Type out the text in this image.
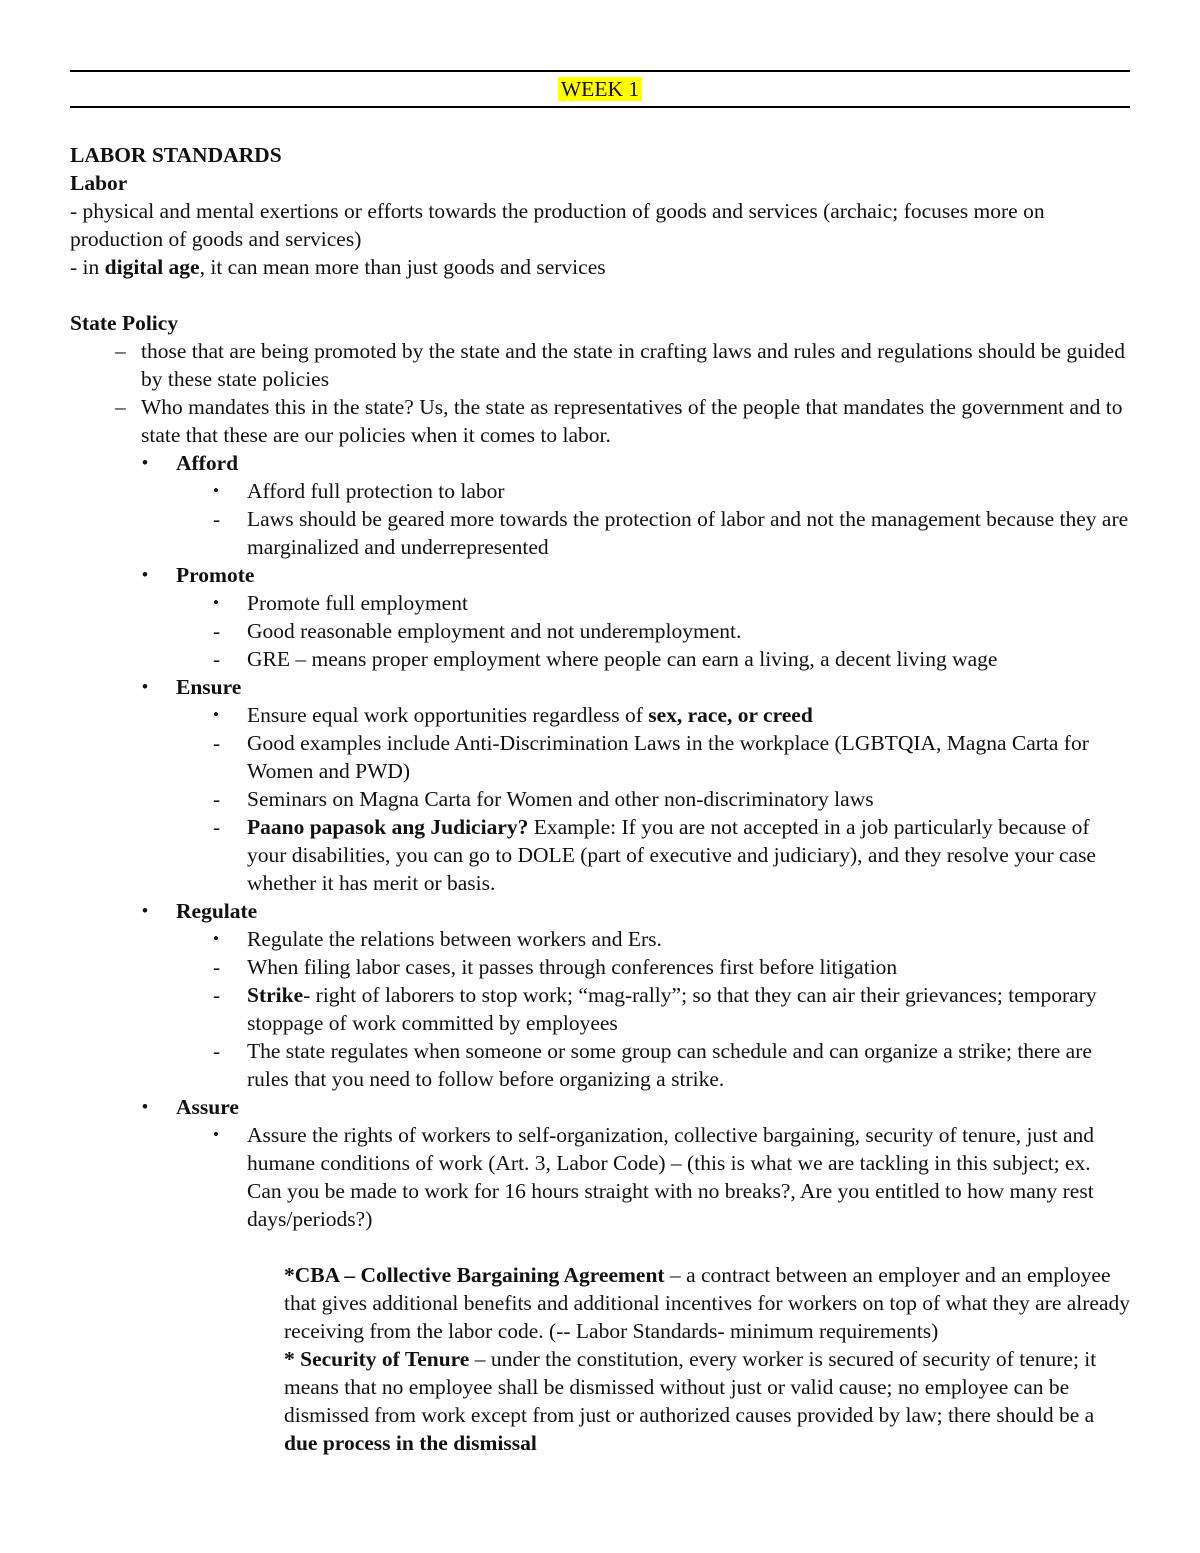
WEEK 1
LABOR STANDARDS
Labor

- physical and mental exertions or efforts towards the production of goods and services (archaic; focuses more on production of goods and services)

- in digital age, it can mean more than just goods and services

State Policy
– those that are being promoted by the state and the state in crafting laws and rules and regulations should be guided by these state policies
– Who mandates this in the state? Us, the state as representatives of the people that mandates the government and to state that these are our policies when it comes to labor.
• Afford
• Afford full protection to labor
- Laws should be geared more towards the protection of labor and not the management because they are marginalized and underrepresented
• Promote
• Promote full employment
- Good reasonable employment and not underemployment.
- GRE – means proper employment where people can earn a living, a decent living wage
• Ensure
• Ensure equal work opportunities regardless of sex, race, or creed
- Good examples include Anti-Discrimination Laws in the workplace (LGBTQIA, Magna Carta for Women and PWD)
- Seminars on Magna Carta for Women and other non-discriminatory laws
- Paano papasok ang Judiciary? Example: If you are not accepted in a job particularly because of your disabilities, you can go to DOLE (part of executive and judiciary), and they resolve your case whether it has merit or basis.
• Regulate
• Regulate the relations between workers and Ers.
- When filing labor cases, it passes through conferences first before litigation
- Strike- right of laborers to stop work; “mag-rally”; so that they can air their grievances; temporary stoppage of work committed by employees
- The state regulates when someone or some group can schedule and can organize a strike; there are rules that you need to follow before organizing a strike.
• Assure
• Assure the rights of workers to self-organization, collective bargaining, security of tenure, just and humane conditions of work (Art. 3, Labor Code) – (this is what we are tackling in this subject; ex. Can you be made to work for 16 hours straight with no breaks?, Are you entitled to how many rest days/periods?)
*CBA – Collective Bargaining Agreement – a contract between an employer and an employee that gives additional benefits and additional incentives for workers on top of what they are already receiving from the labor code. (-- Labor Standards- minimum requirements)
* Security of Tenure – under the constitution, every worker is secured of security of tenure; it means that no employee shall be dismissed without just or valid cause; no employee can be dismissed from work except from just or authorized causes provided by law; there should be a due process in the dismissal
